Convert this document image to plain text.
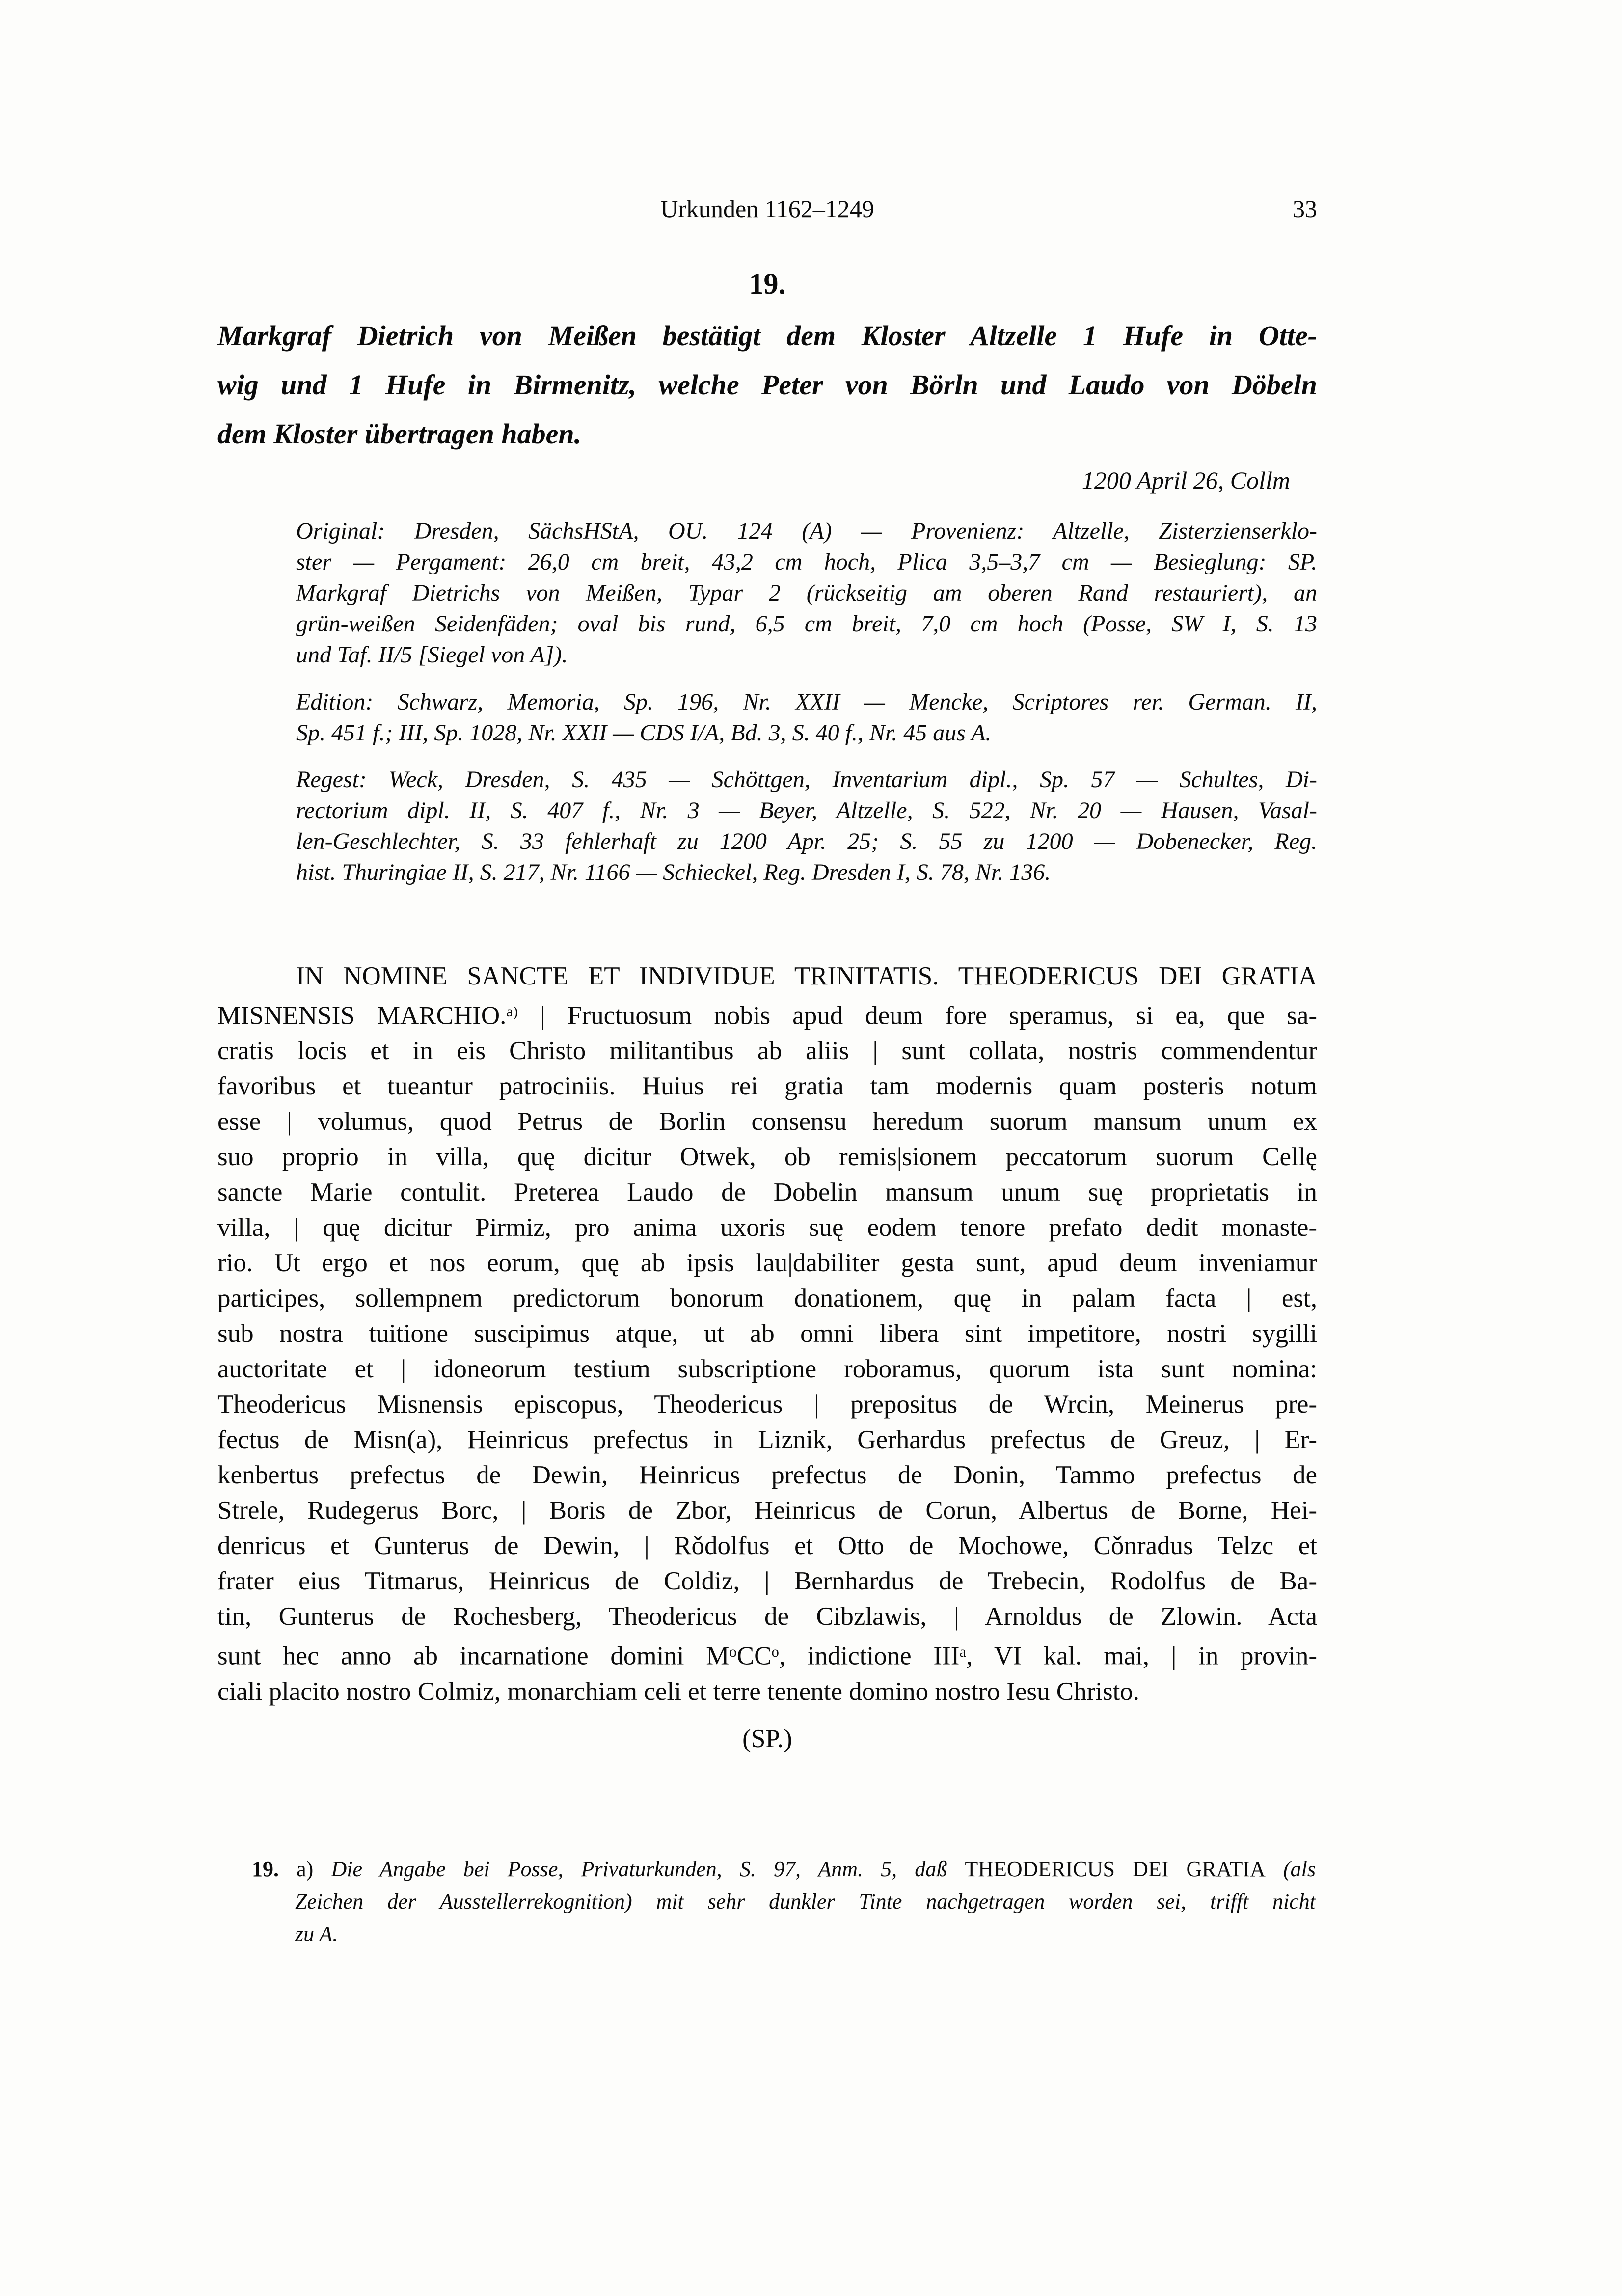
Urkunden 1162–1249	33
19.
Markgraf Dietrich von Meißen bestätigt dem Kloster Altzelle 1 Hufe in Otte-
wig und 1 Hufe in Birmenitz, welche Peter von Börln und Laudo von Döbeln
dem Kloster übertragen haben.
1200 April 26, Collm
Original: Dresden, SächsHStA, OU. 124 (A) — Provenienz: Altzelle, Zisterzienserklo-
ster — Pergament: 26,0 cm breit, 43,2 cm hoch, Plica 3,5–3,7 cm — Besieglung: SP.
Markgraf Dietrichs von Meißen, Typar 2 (rückseitig am oberen Rand restauriert), an
grün-weißen Seidenfäden; oval bis rund, 6,5 cm breit, 7,0 cm hoch (Posse, SW I, S. 13
und Taf. II/5 [Siegel von A]).
Edition: Schwarz, Memoria, Sp. 196, Nr. XXII — Mencke, Scriptores rer. German. II,
Sp. 451 f.; III, Sp. 1028, Nr. XXII — CDS I/A, Bd. 3, S. 40 f., Nr. 45 aus A.
Regest: Weck, Dresden, S. 435 — Schöttgen, Inventarium dipl., Sp. 57 — Schultes, Di-
rectorium dipl. II, S. 407 f., Nr. 3 — Beyer, Altzelle, S. 522, Nr. 20 — Hausen, Vasal-
len-Geschlechter, S. 33 fehlerhaft zu 1200 Apr. 25; S. 55 zu 1200 — Dobenecker, Reg.
hist. Thuringiae II, S. 217, Nr. 1166 — Schieckel, Reg. Dresden I, S. 78, Nr. 136.
IN NOMINE SANCTE ET INDIVIDUE TRINITATIS. THEODERICUS DEI GRATIA
MISNENSIS MARCHIO.$^{a)}$ | Fructuosum nobis apud deum fore speramus, si ea, que sa-
cratis locis et in eis Christo militantibus ab aliis | sunt collata, nostris commendentur
favoribus et tueantur patrociniis. Huius rei gratia tam modernis quam posteris notum
esse | volumus, quod Petrus de Borlin consensu heredum suorum mansum unum ex
suo proprio in villa, quę dicitur Otwek, ob remis|sionem peccatorum suorum Cellę
sancte Marie contulit. Preterea Laudo de Dobelin mansum unum suę proprietatis in
villa, | quę dicitur Pirmiz, pro anima uxoris suę eodem tenore prefato dedit monaste-
rio. Ut ergo et nos eorum, quę ab ipsis lau|dabiliter gesta sunt, apud deum inveniamur
participes, sollempnem predictorum bonorum donationem, quę in palam facta | est,
sub nostra tuitione suscipimus atque, ut ab omni libera sint impetitore, nostri sygilli
auctoritate et | idoneorum testium subscriptione roboramus, quorum ista sunt nomina:
Theodericus Misnensis episcopus, Theodericus | prepositus de Wrcin, Meinerus pre-
fectus de Misn(a), Heinricus prefectus in Liznik, Gerhardus prefectus de Greuz, | Er-
kenbertus prefectus de Dewin, Heinricus prefectus de Donin, Tammo prefectus de
Strele, Rudegerus Borc, | Boris de Zbor, Heinricus de Corun, Albertus de Borne, Hei-
denricus et Gunterus de Dewin, | Rǒdolfus et Otto de Mochowe, Cǒnradus Telzc et
frater eius Titmarus, Heinricus de Coldiz, | Bernhardus de Trebecin, Rodolfus de Ba-
tin, Gunterus de Rochesberg, Theodericus de Cibzlawis, | Arnoldus de Zlowin. Acta
sunt hec anno ab incarnatione domini $M^oCC^o$, indictione III$^a$, VI kal. mai, | in provin-
ciali placito nostro Colmiz, monarchiam celi et terre tenente domino nostro Iesu Christo.
(SP.)
19. a) Die Angabe bei Posse, Privaturkunden, S. 97, Anm. 5, daß THEODERICUS DEI GRATIA (als
Zeichen der Ausstellerrekognition) mit sehr dunkler Tinte nachgetragen worden sei, trifft nicht
zu A.
